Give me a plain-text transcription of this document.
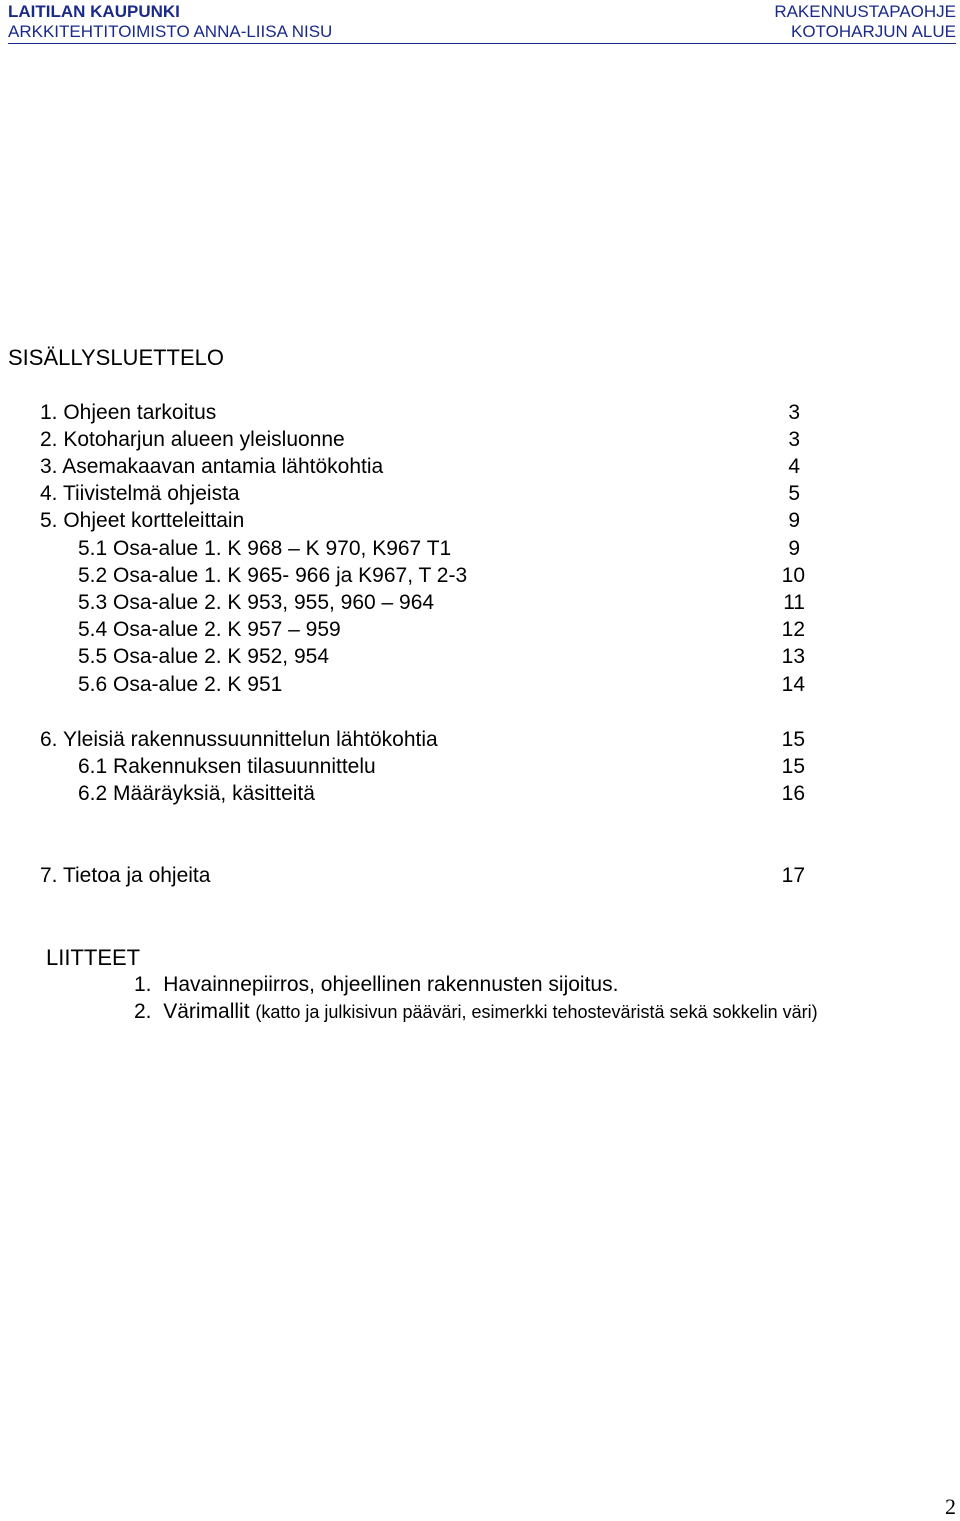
LAITILAN KAUPUNKI
ARKKITEHTITOIMISTO ANNA-LIISA NISU
RAKENNUSTAPAOHJE
KOTOHARJUN ALUE
SISÄLLYSLUETTELO
1. Ohjeen tarkoitus	3
2. Kotoharjun alueen yleisluonne	3
3. Asemakaavan antamia lähtökohtia	4
4. Tiivistelmä ohjeista	5
5. Ohjeet kortteleittain	9
5.1 Osa-alue 1. K 968 – K 970, K967 T1	9
5.2 Osa-alue 1. K 965- 966 ja K967, T 2-3	10
5.3 Osa-alue 2. K 953, 955, 960 – 964	11
5.4 Osa-alue 2. K 957 – 959	12
5.5 Osa-alue 2. K 952, 954	13
5.6 Osa-alue 2. K 951	14
6. Yleisiä rakennussuunnittelun lähtökohtia	15
6.1 Rakennuksen tilasuunnittelu	15
6.2 Määräyksiä, käsitteitä	16
7. Tietoa ja ohjeita	17
LIITTEET
1. Havainnepiirros, ohjeellinen rakennusten sijoitus.
2. Värimallit (katto ja julkisivun pääväri, esimerkki tehosteväristä sekä sokkelin väri)
2
